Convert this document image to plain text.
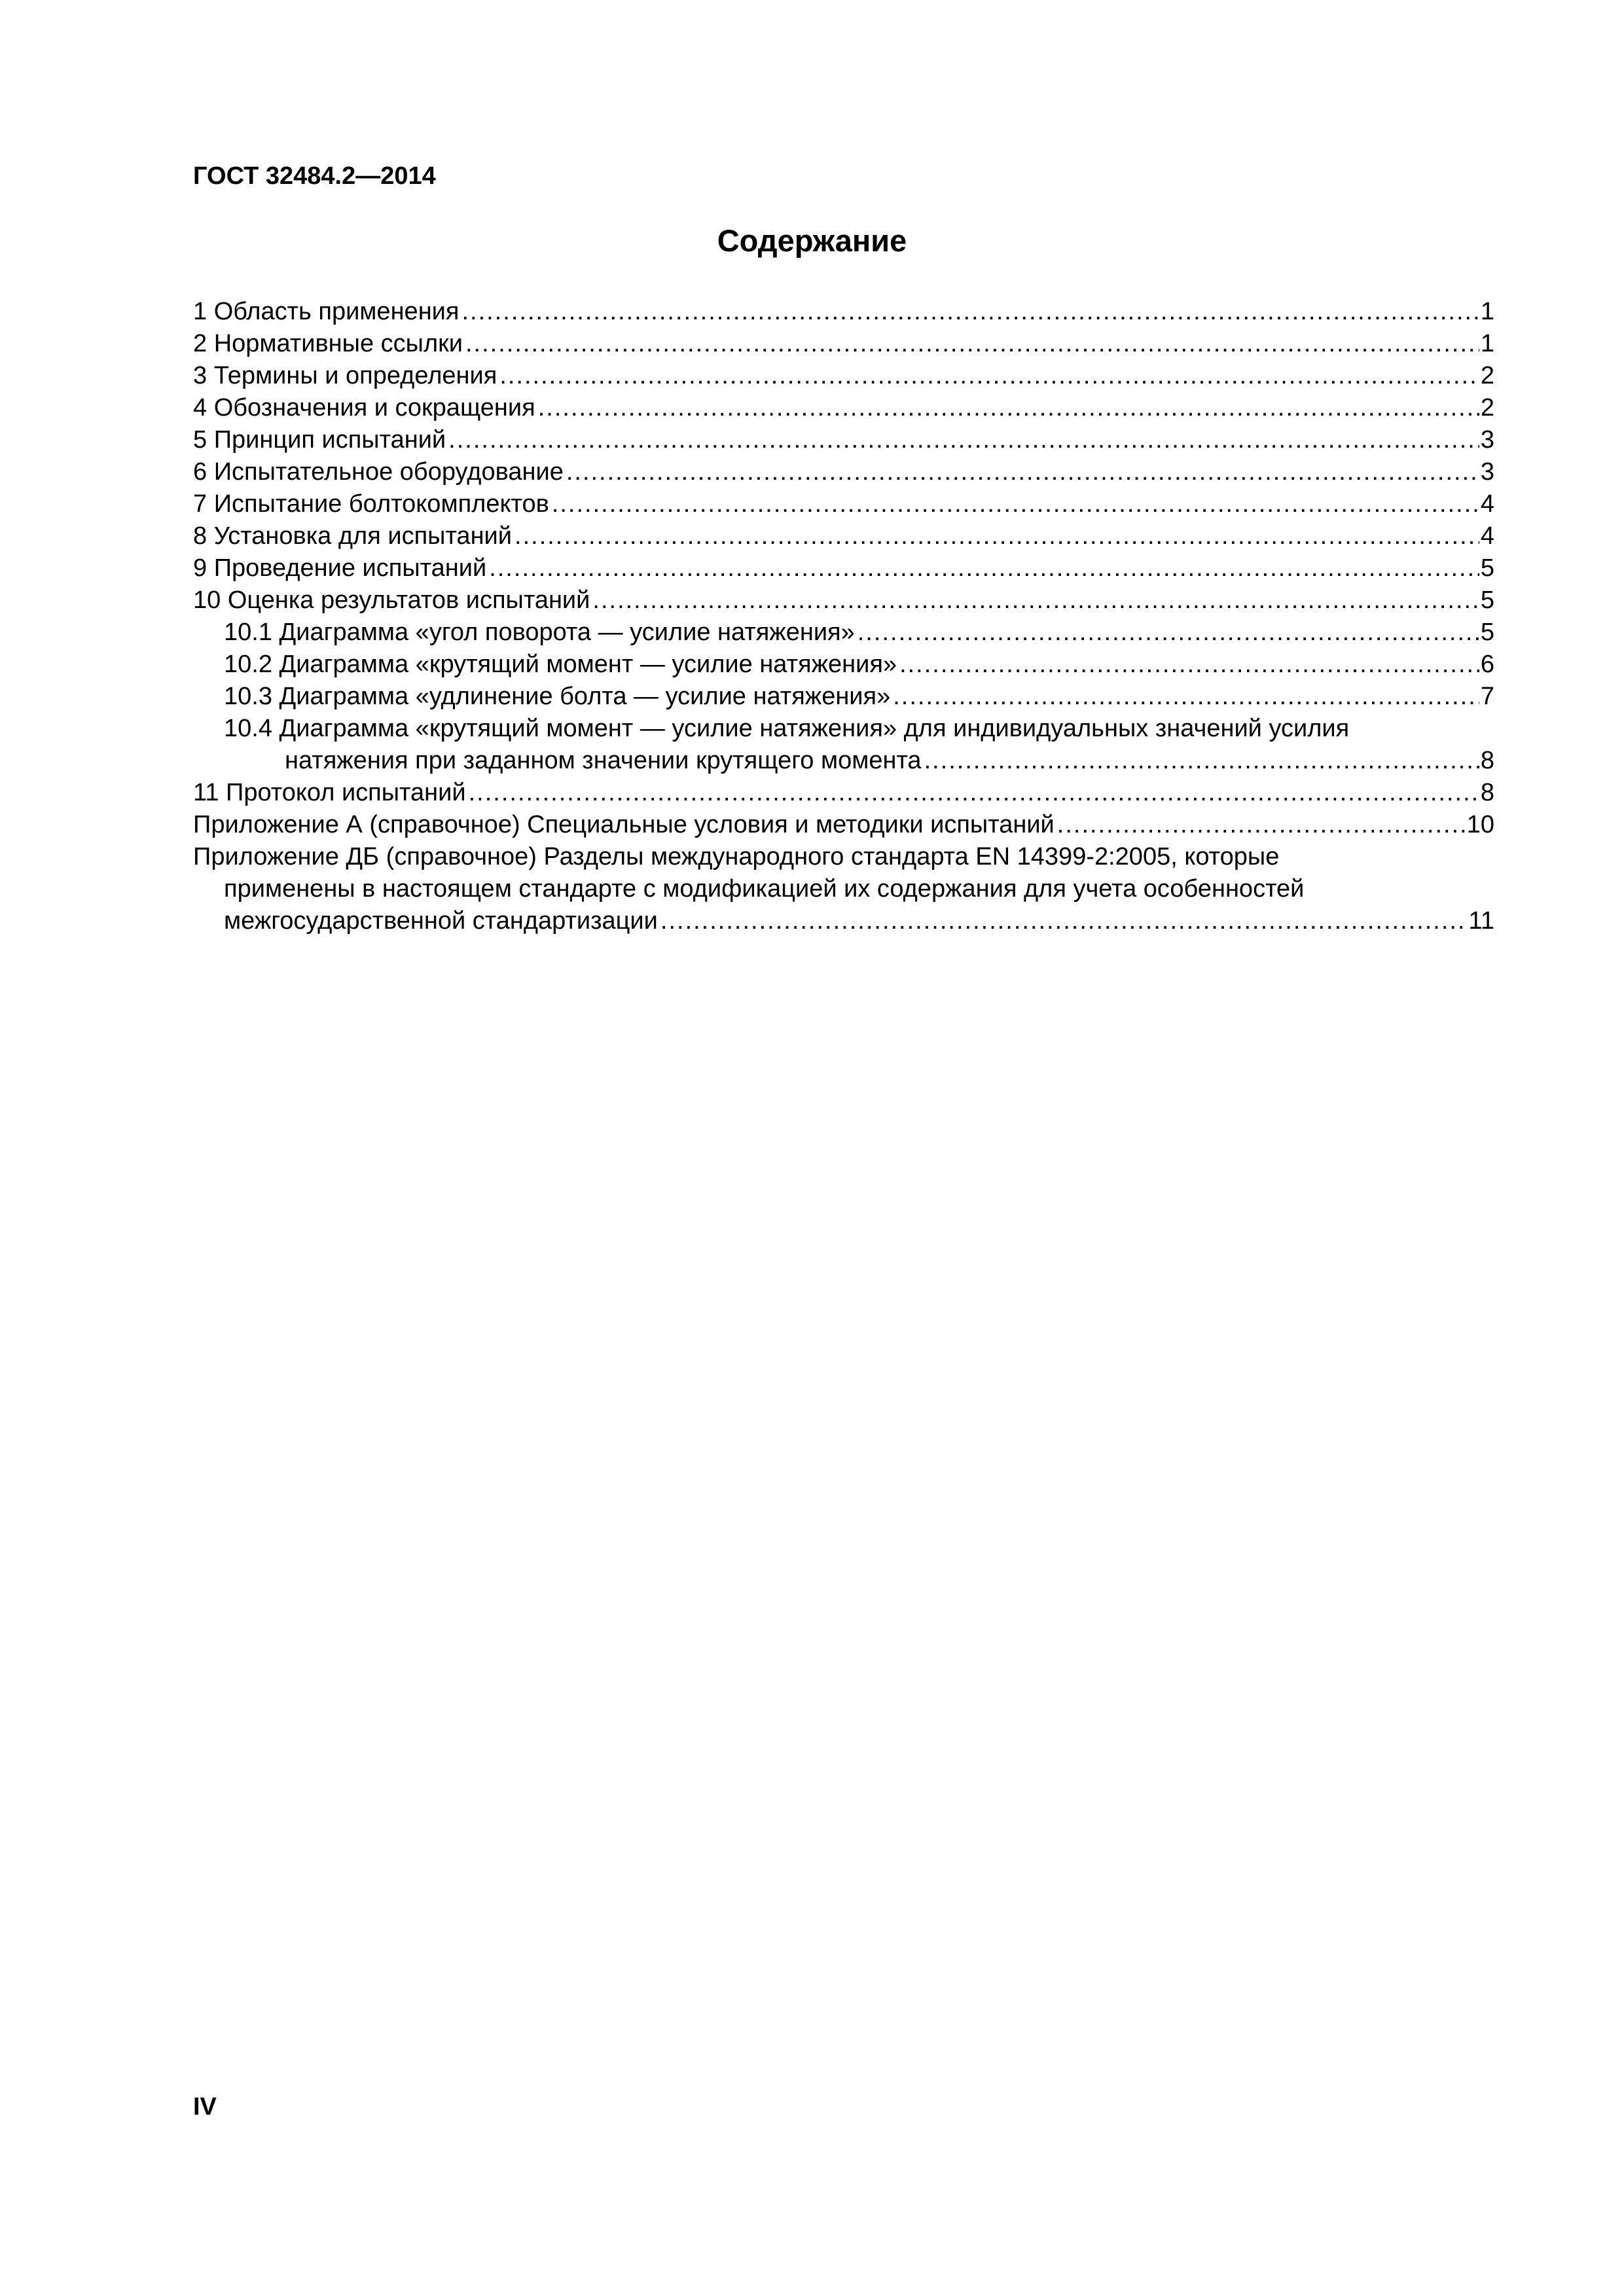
ГОСТ 32484.2—2014
Содержание
1 Область применения .....	1
2 Нормативные ссылки .....	1
3 Термины и определения .....	2
4 Обозначения и сокращения .....	2
5 Принцип испытаний .....	3
6 Испытательное оборудование .....	3
7 Испытание болтокомплектов .....	4
8 Установка для испытаний .....	4
9 Проведение испытаний .....	5
10 Оценка результатов испытаний .....	5
10.1 Диаграмма «угол поворота — усилие натяжения» .....	5
10.2 Диаграмма «крутящий момент — усилие натяжения» .....	6
10.3 Диаграмма «удлинение болта — усилие натяжения» .....	7
10.4 Диаграмма «крутящий момент — усилие натяжения» для индивидуальных значений усилия
натяжения при заданном значении крутящего момента .....	8
11 Протокол испытаний .....	8
Приложение А (справочное) Специальные условия и методики испытаний .....	10
Приложение ДБ (справочное) Разделы международного стандарта EN 14399-2:2005, которые
применены в настоящем стандарте с модификацией их содержания для учета особенностей
межгосударственной стандартизации .....	11
IV
